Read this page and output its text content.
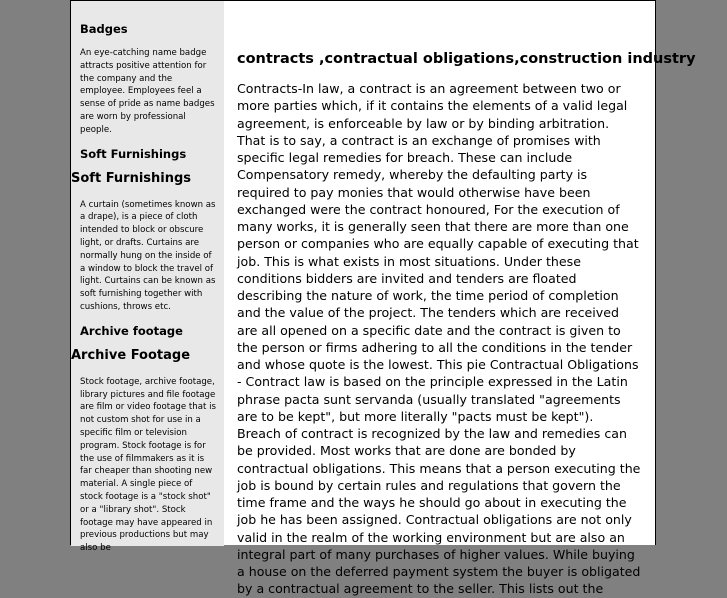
Badges

An eye-catching name badge attracts positive attention for the company and the employee. Employees feel a sense of pride as name badges are worn by professional people.

Soft Furnishings
Soft Furnishings

A curtain (sometimes known as a drape), is a piece of cloth intended to block or obscure light, or drafts. Curtains are normally hung on the inside of a window to block the travel of light. Curtains can be known as soft furnishing together with cushions, throws etc.

Archive footage
Archive Footage

Stock footage, archive footage, library pictures and file footage are film or video footage that is not custom shot for use in a specific film or television program. Stock footage is for the use of filmmakers as it is far cheaper than shooting new material. A single piece of stock footage is a "stock shot" or a "library shot". Stock footage may have appeared in previous productions but may also be

contracts ,contractual obligations,construction industry

Contracts-In law, a contract is an agreement between two or more parties which, if it contains the elements of a valid legal agreement, is enforceable by law or by binding arbitration. That is to say, a contract is an exchange of promises with specific legal remedies for breach. These can include Compensatory remedy, whereby the defaulting party is required to pay monies that would otherwise have been exchanged were the contract honoured, For the execution of many works, it is generally seen that there are more than one person or companies who are equally capable of executing that job. This is what exists in most situations. Under these conditions bidders are invited and tenders are floated describing the nature of work, the time period of completion and the value of the project. The tenders which are received are all opened on a specific date and the contract is given to the person or firms adhering to all the conditions in the tender and whose quote is the lowest. This pie Contractual Obligations - Contract law is based on the principle expressed in the Latin phrase pacta sunt servanda (usually translated "agreements are to be kept", but more literally "pacts must be kept"). Breach of contract is recognized by the law and remedies can be provided. Most works that are done are bonded by contractual obligations. This means that a person executing the job is bound by certain rules and regulations that govern the time frame and the ways he should go about in executing the job he has been assigned. Contractual obligations are not only valid in the realm of the working environment but are also an integral part of many purchases of higher values. While buying a house on the deferred payment system the buyer is obligated by a contractual agreement to the seller. This lists out the
